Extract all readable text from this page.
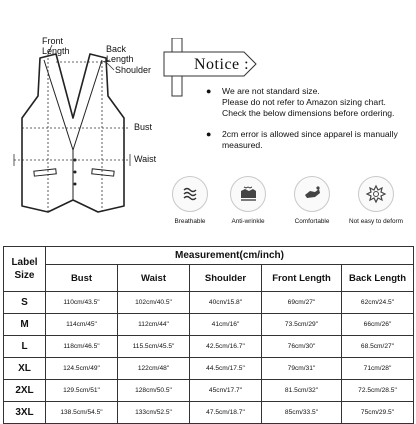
Front
Length	Back
Length
Shoulder
Bust
Waist
Notice :
● We are not standard size.

Please do not refer to Amazon sizing chart.

Check the below dimensions before ordering.

● 2cm error is allowed since apparel is manually

measured.

Breathable	Anti-wrinkle	Comfortable	Not easy to deform
Label
Size	Measurement(cm/inch)				
	Bust	Waist	Shoulder	Front Length	Back Length
S	110cm/43.5"	102cm/40.5"	40cm/15.8"	69cm/27"	62cm/24.5"
M	114cm/45"	112cm/44"	41cm/16"	73.5cm/29"	66cm/26"
L	118cm/46.5"	115.5cm/45.5"	42.5cm/16.7"	76cm/30"	68.5cm/27"
XL	124.5cm/49"	122cm/48"	44.5cm/17.5"	79cm/31"	71cm/28"
2XL	129.5cm/51"	128cm/50.5"	45cm/17.7"	81.5cm/32"	72.5cm/28.5"
3XL	138.5cm/54.5"	133cm/52.5"	47.5cm/18.7"	85cm/33.5"	75cm/29.5"
